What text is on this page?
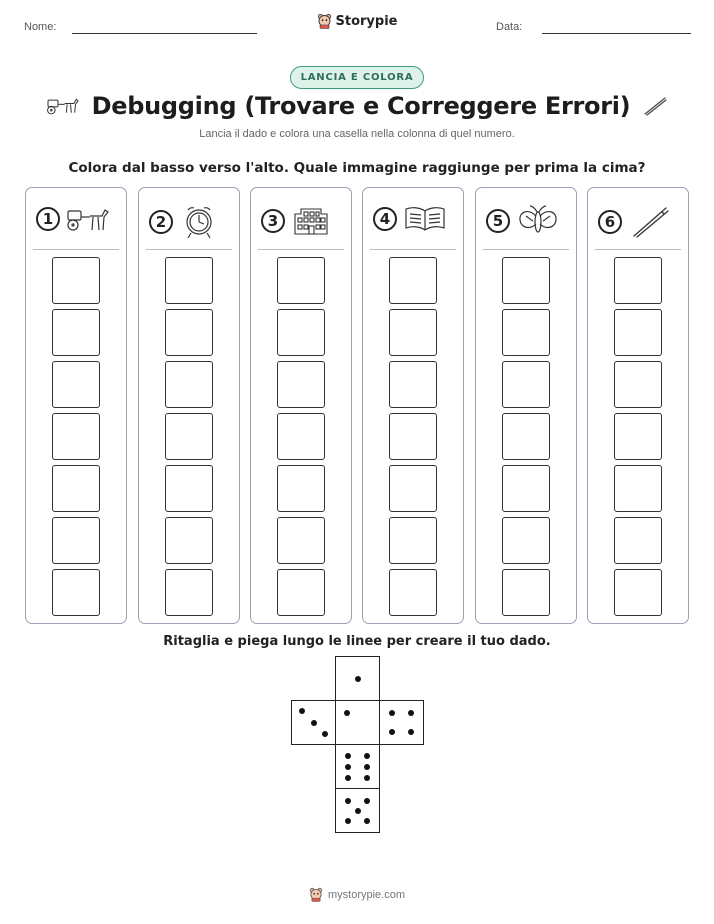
Nome:	Data:
Storypie
LANCIA E COLORA
Debugging (Trovare e Correggere Errori)
Lancia il dado e colora una casella nella colonna di quel numero.
Colora dal basso verso l'alto. Quale immagine raggiunge per prima la cima?
1	2	3	4	5	6
Ritaglia e piega lungo le linee per creare il tuo dado.
mystorypie.com
